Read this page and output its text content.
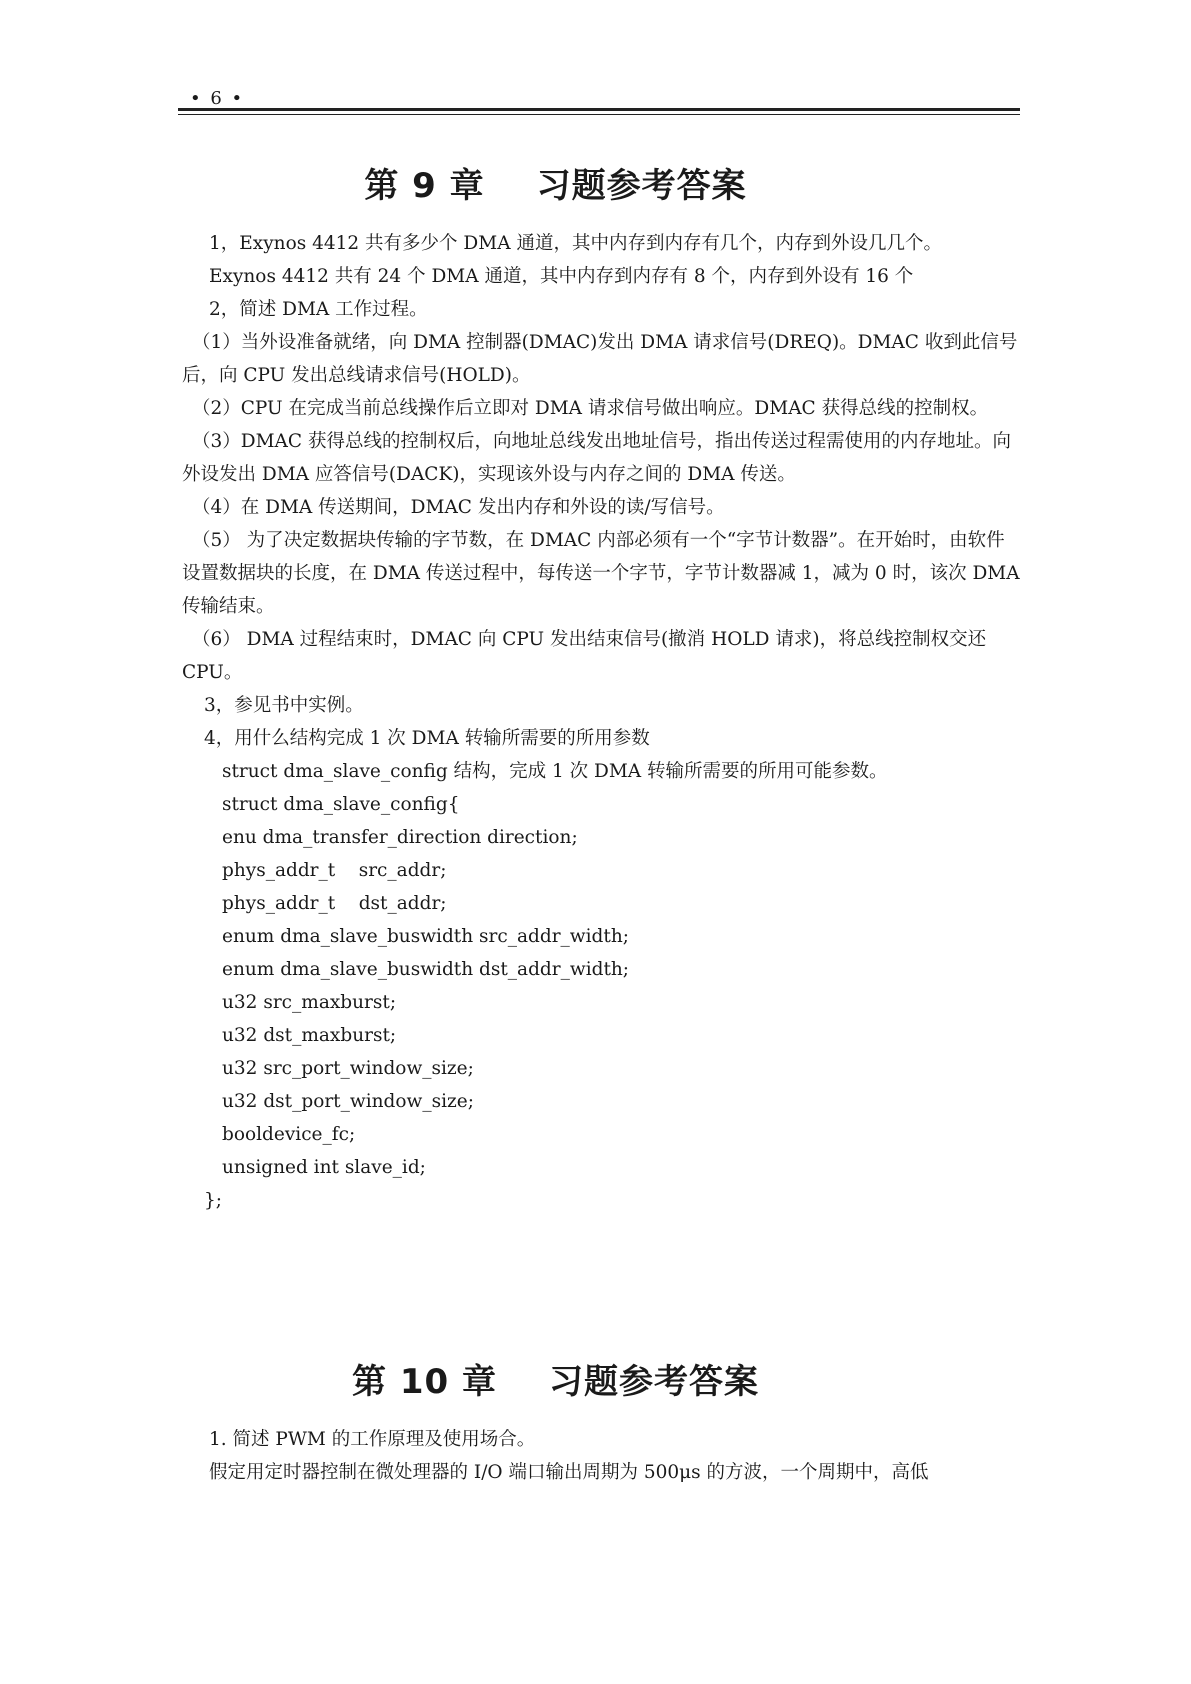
• 6 •
第 9 章 习题参考答案

1，Exynos 4412 共有多少个 DMA 通道，其中内存到内存有几个，内存到外设几几个。

Exynos 4412 共有 24 个 DMA 通道，其中内存到内存有 8 个，内存到外设有 16 个

2，简述 DMA 工作过程。

（1）当外设准备就绪，向 DMA 控制器(DMAC)发出 DMA 请求信号(DREQ)。DMAC 收到此信号后，向 CPU 发出总线请求信号(HOLD)。

（2）CPU 在完成当前总线操作后立即对 DMA 请求信号做出响应。DMAC 获得总线的控制权。

（3）DMAC 获得总线的控制权后，向地址总线发出地址信号，指出传送过程需使用的内存地址。向外设发出 DMA 应答信号(DACK)，实现该外设与内存之间的 DMA 传送。

（4）在 DMA 传送期间，DMAC 发出内存和外设的读/写信号。

（5） 为了决定数据块传输的字节数，在 DMAC 内部必须有一个“字节计数器”。在开始时，由软件设置数据块的长度，在 DMA 传送过程中，每传送一个字节，字节计数器减 1，减为 0 时，该次 DMA 传输结束。

（6） DMA 过程结束时，DMAC 向 CPU 发出结束信号(撤消 HOLD 请求)，将总线控制权交还 CPU。

3，参见书中实例。

4，用什么结构完成 1 次 DMA 转输所需要的所用参数

struct dma_slave_config 结构，完成 1 次 DMA 转输所需要的所用可能参数。

struct dma_slave_config{

enu dma_transfer_direction direction;

phys_addr_t    src_addr;

phys_addr_t    dst_addr;

enum dma_slave_buswidth src_addr_width;

enum dma_slave_buswidth dst_addr_width;

u32 src_maxburst;

u32 dst_maxburst;

u32 src_port_window_size;

u32 dst_port_window_size;

booldevice_fc;

unsigned int slave_id;

};

第 10 章 习题参考答案

1. 简述 PWM 的工作原理及使用场合。

假定用定时器控制在微处理器的 I/O 端口输出周期为 500μs 的方波，一个周期中，高低
